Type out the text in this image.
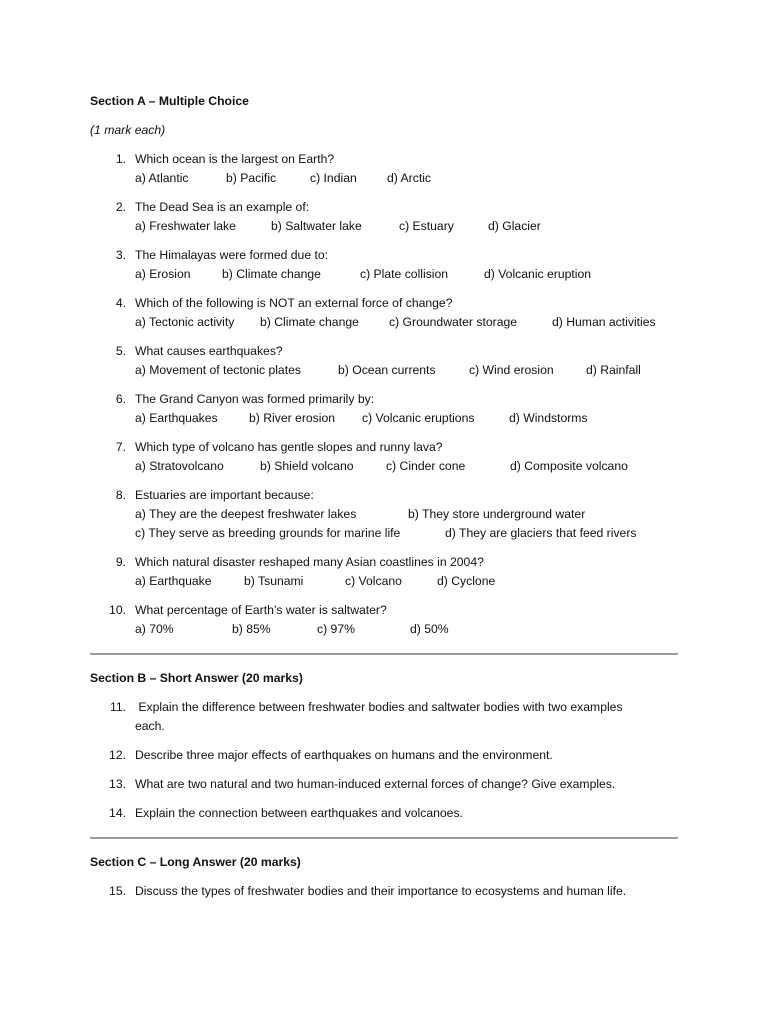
Section A – Multiple Choice
(1 mark each)
1. Which ocean is the largest on Earth?
a) Atlantic	b) Pacific	c) Indian d) Arctic
2. The Dead Sea is an example of:
a) Freshwater lake	b) Saltwater lake	c) Estuary	d) Glacier
3. The Himalayas were formed due to:
a) Erosion	b) Climate change	c) Plate collision	d) Volcanic eruption
4. Which of the following is NOT an external force of change?
a) Tectonic activity b) Climate change c) Groundwater storage	d) Human activities
5. What causes earthquakes?
a) Movement of tectonic plates	b) Ocean currents	c) Wind erosion	d) Rainfall
6. The Grand Canyon was formed primarily by:
a) Earthquakes	b) River erosion c) Volcanic eruptions	d) Windstorms
7. Which type of volcano has gentle slopes and runny lava?
a) Stratovolcano	b) Shield volcano	c) Cinder cone	d) Composite volcano
8. Estuaries are important because:
a) They are the deepest freshwater lakes	b) They store underground water
c) They serve as breeding grounds for marine life	d) They are glaciers that feed rivers
9. Which natural disaster reshaped many Asian coastlines in 2004?
a) Earthquake	b) Tsunami	c) Volcano	d) Cyclone
10. What percentage of Earth’s water is saltwater?
a) 70%	b) 85%	c) 97%	d) 50%
Section B – Short Answer (20 marks)
11. Explain the difference between freshwater bodies and saltwater bodies with two examples each.
12. Describe three major effects of earthquakes on humans and the environment.
13. What are two natural and two human-induced external forces of change? Give examples.
14. Explain the connection between earthquakes and volcanoes.
Section C – Long Answer (20 marks)
15. Discuss the types of freshwater bodies and their importance to ecosystems and human life.
